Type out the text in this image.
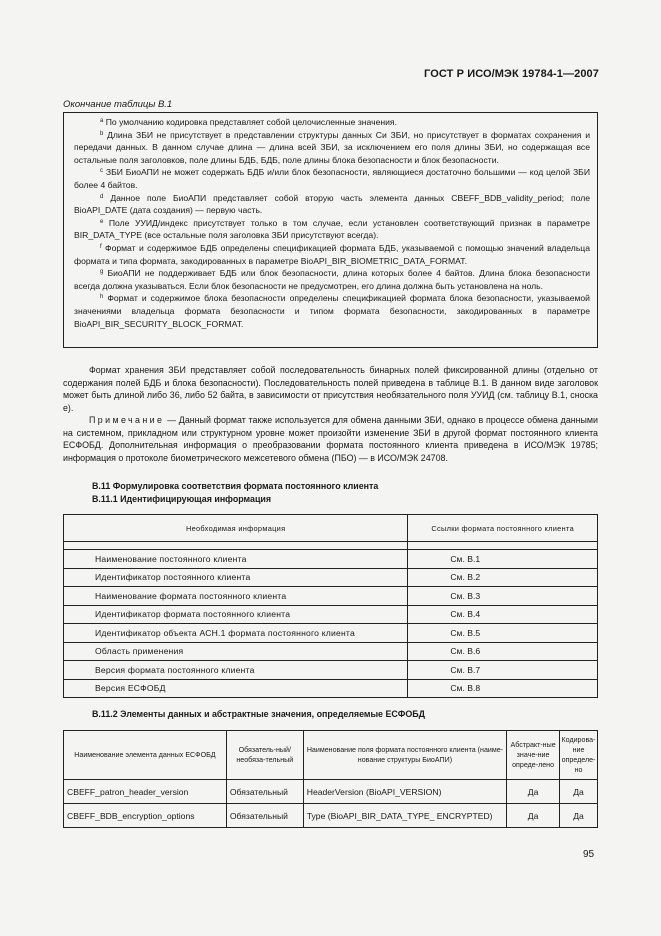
ГОСТ Р ИСО/МЭК 19784-1—2007
Окончание таблицы В.1

$^a$ По умолчанию кодировка представляет собой целочисленные значения.

$^b$ Длина ЗБИ не присутствует в представлении структуры данных Си ЗБИ, но присутствует в форматах сохранения и передачи данных. В данном случае длина — длина всей ЗБИ, за исключением его поля длины ЗБИ, но содержащая все остальные поля заголовков, поле длины БДБ, БДБ, поле длины блока безопасности и блок безопасности.

$^c$ ЗБИ БиоАПИ не может содержать БДБ и/или блок безопасности, являющиеся достаточно большими — код целой ЗБИ более 4 байтов.

$^d$ Данное поле БиоАПИ представляет собой вторую часть элемента данных CBEFF_BDB_validity_period; поле BioAPI_DATE (дата создания) — первую часть.

$^e$ Поле УУИД/индекс присутствует только в том случае, если установлен соответствующий признак в параметре BIR_DATA_TYPE (все остальные поля заголовка ЗБИ присутствуют всегда).

$^f$ Формат и содержимое БДБ определены спецификацией формата БДБ, указываемой с помощью значений владельца формата и типа формата, закодированных в параметре BioAPI_BIR_BIOMETRIC_DATA_FORMAT.

$^g$ БиоАПИ не поддерживает БДБ или блок безопасности, длина которых более 4 байтов. Длина блока безопасности всегда должна указываться. Если блок безопасности не предусмотрен, его длина должна быть установлена на ноль.

$^h$ Формат и содержимое блока безопасности определены спецификацией формата блока безопасности, указываемой значениями владельца формата безопасности и типом формата безопасности, закодированных в параметре BioAPI_BIR_SECURITY_BLOCK_FORMAT.

Формат хранения ЗБИ представляет собой последовательность бинарных полей фиксированной длины (отдельно от содержания полей БДБ и блока безопасности). Последовательность полей приведена в таблице В.1. В данном виде заголовок может быть длиной либо 36, либо 52 байта, в зависимости от присутствия необязательного поля УУИД (см. таблицу В.1, сноска е).

Примечание — Данный формат также используется для обмена данными ЗБИ, однако в процессе обмена данными на системном, прикладном или структурном уровне может произойти изменение ЗБИ в другой формат постоянного клиента ЕСФОБД. Дополнительная информация о преобразовании формата постоянного клиента приведена в ИСО/МЭК 19785; информация о протоколе биометрического межсетевого обмена (ПБО) — в ИСО/МЭК 24708.

В.11 Формулировка соответствия формата постоянного клиента
В.11.1 Идентифицирующая информация
Необходимая информация	Ссылки формата постоянного клиента

Наименование постоянного клиента	См. В.1
Идентификатор постоянного клиента	См. В.2
Наименование формата постоянного клиента	См. В.3
Идентификатор формата постоянного клиента	См. В.4
Идентификатор объекта АСН.1 формата постоянного клиента	См. В.5
Область применения	См. В.6
Версия формата постоянного клиента	См. В.7
Версия ЕСФОБД	См. В.8
В.11.2 Элементы данных и абстрактные значения, определяемые ЕСФОБД
Наименование элемента данных ЕСФОБД	Обязатель-ный/необяза-тельный	Наименование поля формата постоянного клиента (наиме-нование структуры БиоАПИ)	Абстракт-ные значе-ние опреде-лено	Кодирова-ние определе-но
CBEFF_patron_header_version	Обязательный	HeaderVersion (BioAPI_VERSION)	Да	Да
CBEFF_BDB_encryption_options	Обязательный	Type (BioAPI_BIR_DATA_TYPE_ ENCRYPTED)	Да	Да
95
